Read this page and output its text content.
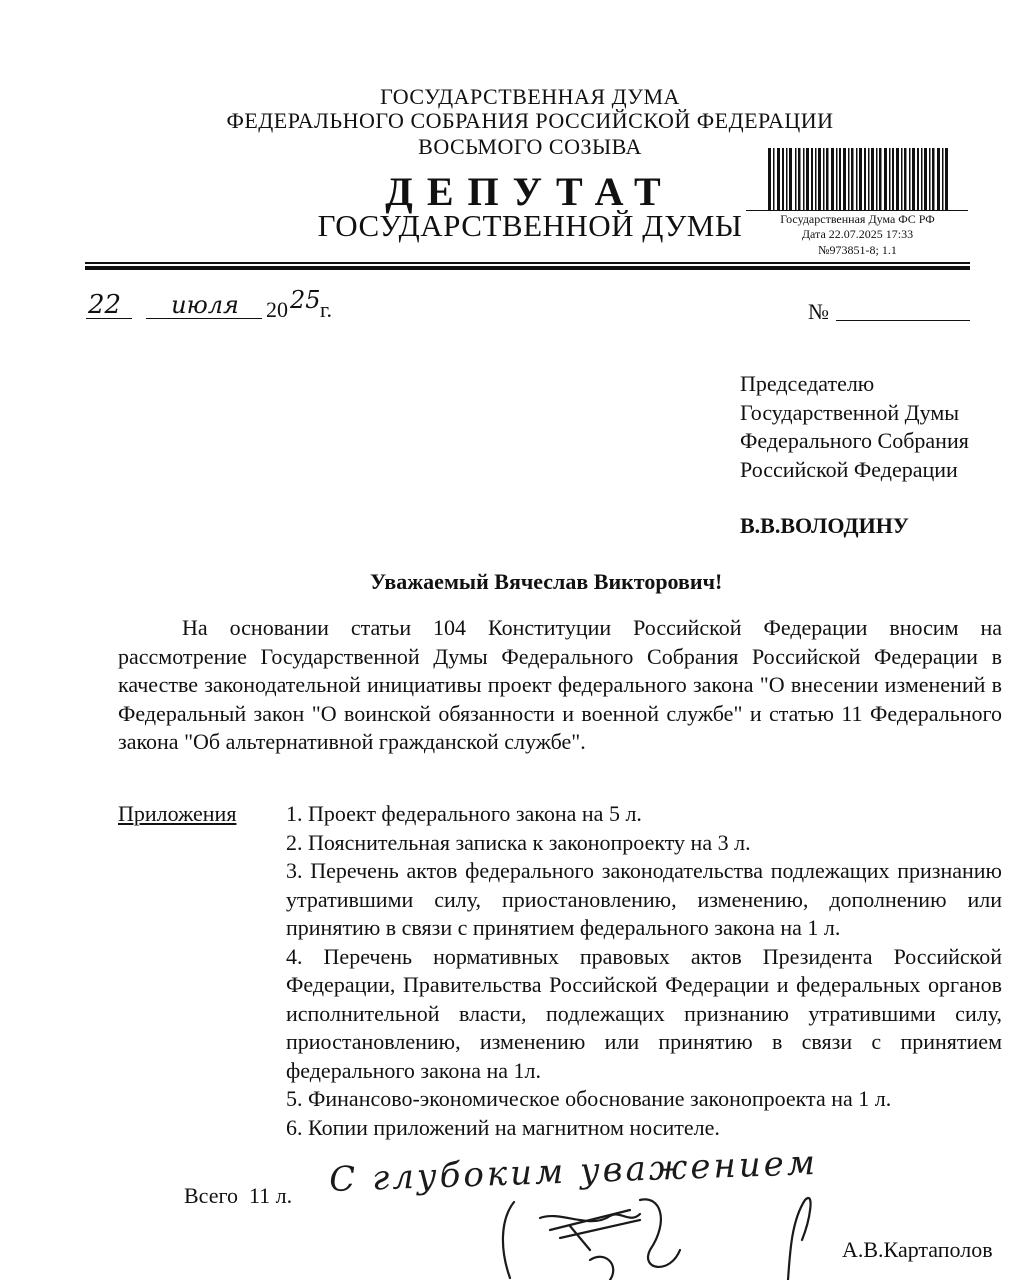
ГОСУДАРСТВЕННАЯ ДУМА
ФЕДЕРАЛЬНОГО СОБРАНИЯ РОССИЙСКОЙ ФЕДЕРАЦИИ
ВОСЬМОГО СОЗЫВА
ДЕПУТАТ
ГОСУДАРСТВЕННОЙ ДУМЫ	Государственная Дума ФС РФ
Дата 22.07.2025 17:33
№973851-8; 1.1
22	июля	20 25 г.	№
Председателю
Государственной Думы
Федерального Собрания
Российской Федерации
В.В.ВОЛОДИНУ
Уважаемый Вячеслав Викторович!
На основании статьи 104 Конституции Российской Федерации вносим на рассмотрение Государственной Думы Федерального Собрания Российской Федерации в качестве законодательной инициативы проект федерального закона "О внесении изменений в Федеральный закон "О воинской обязанности и военной службе" и статью 11 Федерального закона "Об альтернативной гражданской службе".
Приложения 1. Проект федерального закона на 5 л.
2. Пояснительная записка к законопроекту на 3 л.
3. Перечень актов федерального законодательства подлежащих признанию утратившими силу, приостановлению, изменению, дополнению или принятию в связи с принятием федерального закона на 1 л.
4. Перечень нормативных правовых актов Президента Российской Федерации, Правительства Российской Федерации и федеральных органов исполнительной власти, подлежащих признанию утратившими силу, приостановлению, изменению или принятию в связи с принятием федерального закона на 1л.
5. Финансово-экономическое обоснование законопроекта на 1 л.
6. Копии приложений на магнитном носителе.
Всего  11 л. С глубоким уважением
А.В.Картаполов
